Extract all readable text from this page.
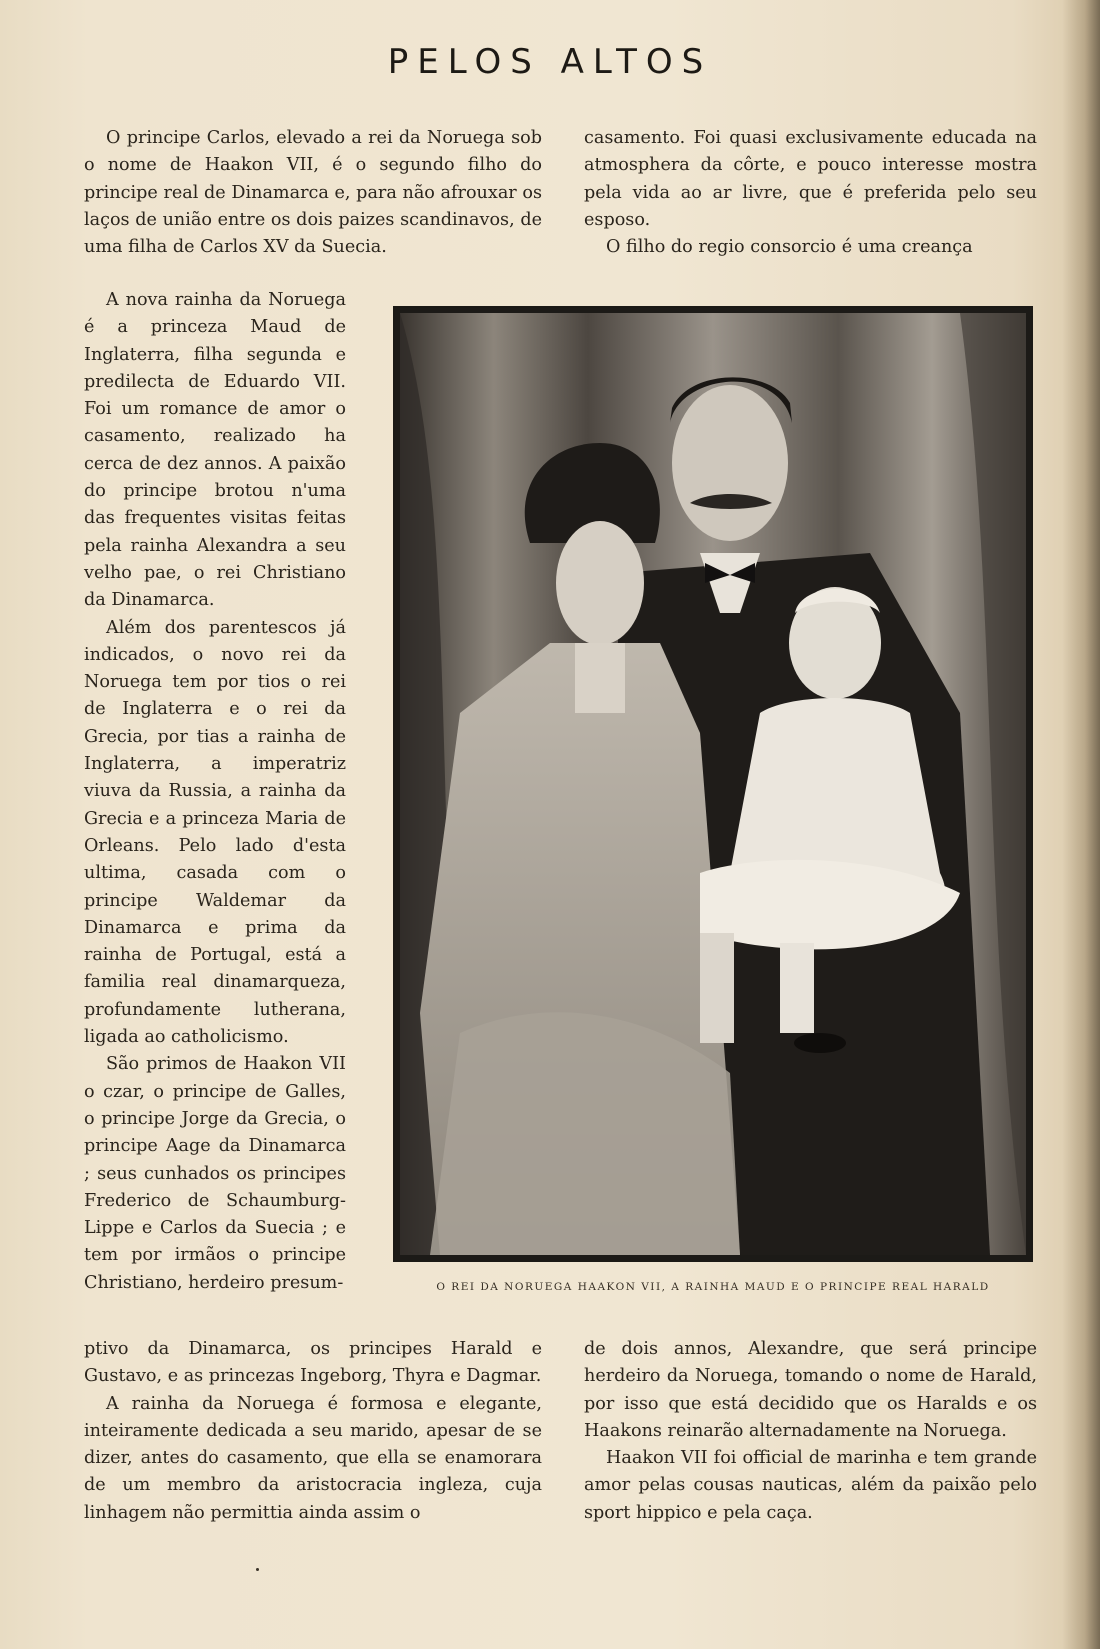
PELOS ALTOS

O principe Carlos, elevado a rei da Noruega sob o nome de Haakon VII, é o segundo filho do principe real de Dinamarca e, para não afrouxar os laços de união entre os dois paizes scandinavos, de uma filha de Carlos XV da Suecia.

A nova rainha da Noruega é a princeza Maud de Inglaterra, filha segunda e predilecta de Eduardo VII. Foi um romance de amor o casamento, realizado ha cerca de dez annos. A paixão do principe brotou n'uma das frequentes visitas feitas pela rainha Alexandra a seu velho pae, o rei Christiano da Dinamarca.

Além dos parentescos já indicados, o novo rei da Noruega tem por tios o rei de Inglaterra e o rei da Grecia, por tias a rainha de Inglaterra, a imperatriz viuva da Russia, a rainha da Grecia e a princeza Maria de Orleans. Pelo lado d'esta ultima, casada com o principe Waldemar da Dinamarca e prima da rainha de Portugal, está a familia real dinamarqueza, profundamente lutherana, ligada ao catholicismo.

São primos de Haakon VII o czar, o principe de Galles, o principe Jorge da Grecia, o principe Aage da Dinamarca ; seus cunhados os principes Frederico de Schaumburg-Lippe e Carlos da Suecia ; e tem por irmãos o principe Christiano, herdeiro presum-

ptivo da Dinamarca, os principes Harald e Gustavo, e as princezas Ingeborg, Thyra e Dagmar.

A rainha da Noruega é formosa e elegante, inteiramente dedicada a seu marido, apesar de se dizer, antes do casamento, que ella se enamorara de um membro da aristocracia ingleza, cuja linhagem não permittia ainda assim o

casamento. Foi quasi exclusivamente educada na atmosphera da côrte, e pouco interesse mostra pela vida ao ar livre, que é preferida pelo seu esposo.

O filho do regio consorcio é uma creança

de dois annos, Alexandre, que será principe herdeiro da Noruega, tomando o nome de Harald, por isso que está decidido que os Haralds e os Haakons reinarão alternadamente na Noruega.

Haakon VII foi official de marinha e tem grande amor pelas cousas nauticas, além da paixão pelo sport hippico e pela caça.

O REI DA NORUEGA HAAKON VII, A RAINHA MAUD E O PRINCIPE REAL HARALD
